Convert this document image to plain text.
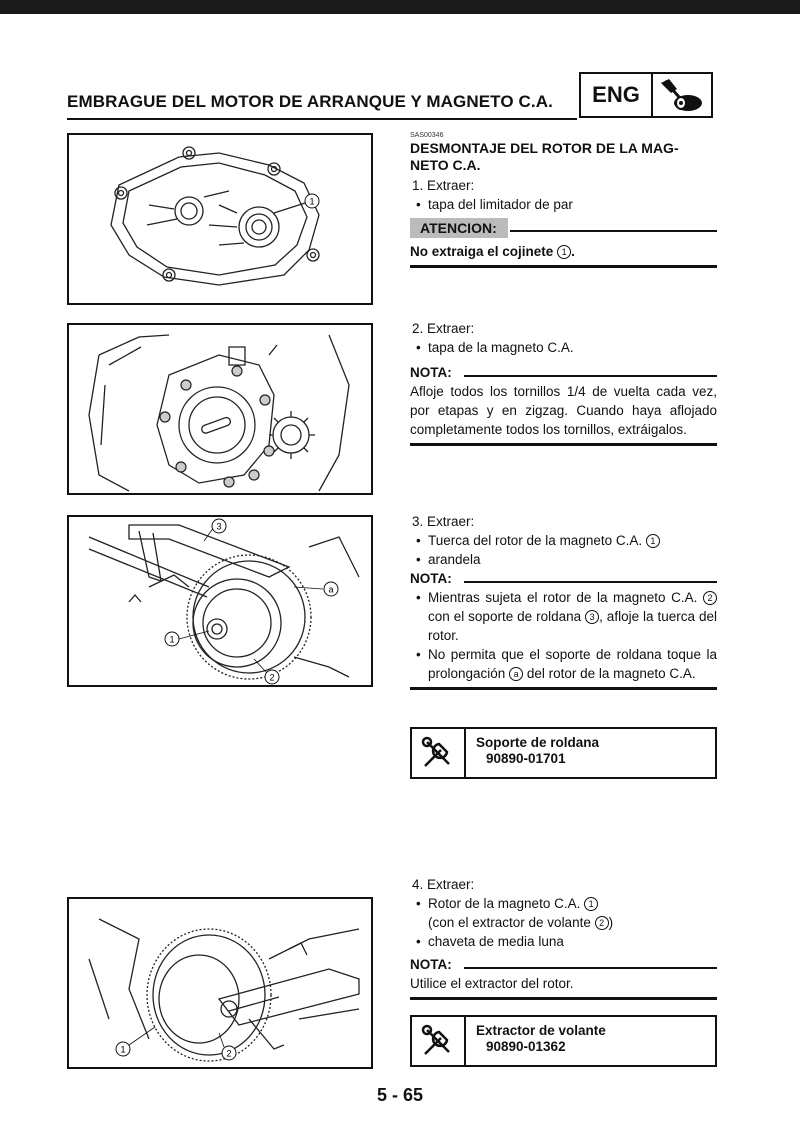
EMBRAGUE DEL MOTOR DE ARRANQUE Y MAGNETO C.A.	ENG
1
3
a
1
2
1	2
SAS00346
DESMONTAJE DEL ROTOR DE LA MAG-NETO C.A.
1. Extraer:
• tapa del limitador de par
ATENCION:
No extraiga el cojinete 1 .
2. Extraer:
• tapa de la magneto C.A.
NOTA:
Afloje todos los tornillos 1/4 de vuelta cada vez, por etapas y en zigzag. Cuando haya aflojado completamente todos los tornillos, extráigalos.
3. Extraer:
• Tuerca del rotor de la magneto C.A. 1
• arandela
NOTA:
• Mientras sujeta el rotor de la magneto C.A. 2 con el soporte de roldana 3 , afloje la tuerca del rotor.
• No permita que el soporte de roldana toque la prolongación a del rotor de la magneto C.A.
Soporte de roldana
90890-01701
4. Extraer:
• Rotor de la magneto C.A. 1
(con el extractor de volante 2 )
• chaveta de media luna
NOTA:
Utilice el extractor del rotor.
Extractor de volante
90890-01362
5 - 65
